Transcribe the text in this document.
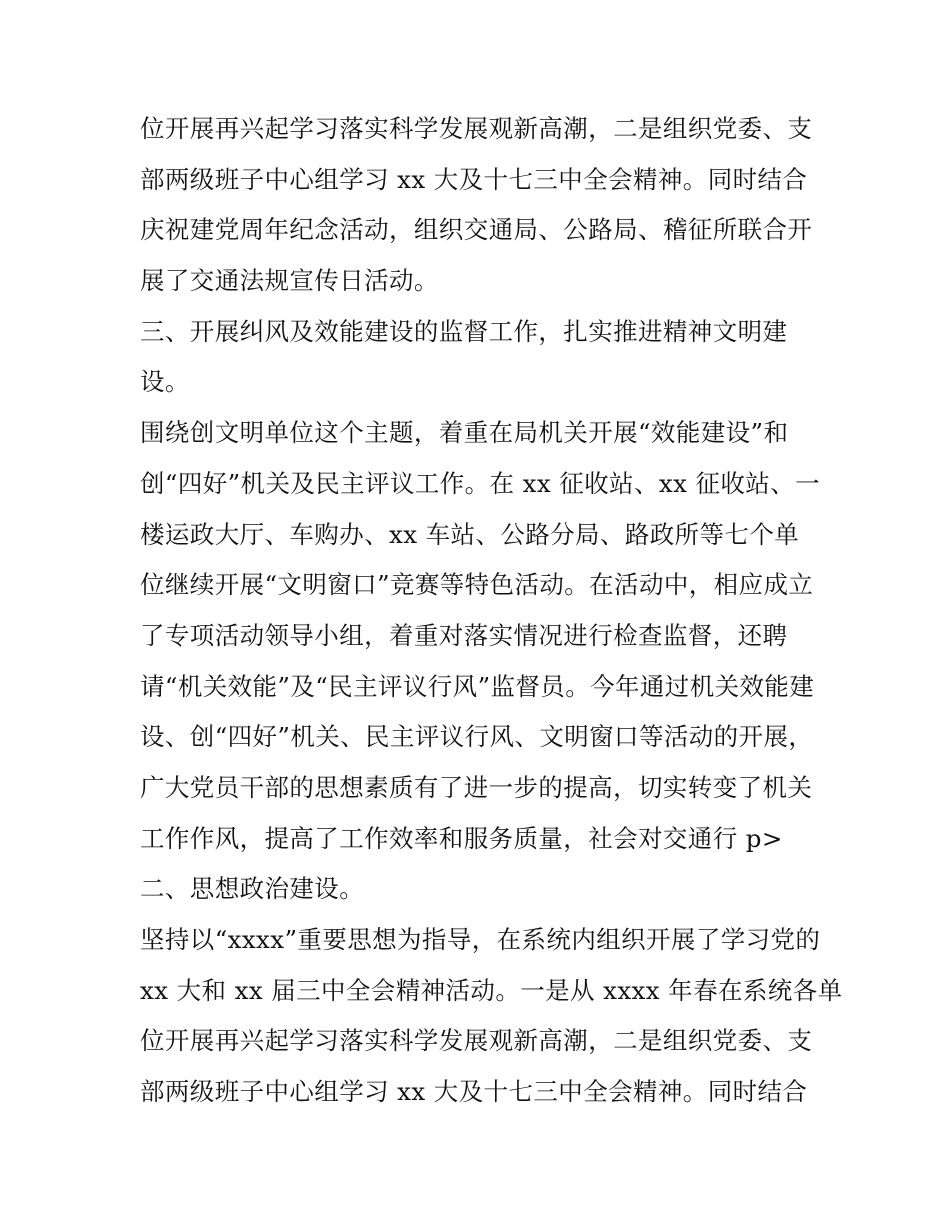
位开展再兴起学习落实科学发展观新高潮，二是组织党委、支
部两级班子中心组学习 xx 大及十七三中全会精神。同时结合
庆祝建党周年纪念活动，组织交通局、公路局、稽征所联合开
展了交通法规宣传日活动。
三、开展纠风及效能建设的监督工作，扎实推进精神文明建
设。
围绕创文明单位这个主题，着重在局机关开展“效能建设”和
创“四好”机关及民主评议工作。在 xx 征收站、xx 征收站、一
楼运政大厅、车购办、xx 车站、公路分局、路政所等七个单
位继续开展“文明窗口”竞赛等特色活动。在活动中，相应成立
了专项活动领导小组，着重对落实情况进行检查监督，还聘
请“机关效能”及“民主评议行风”监督员。今年通过机关效能建
设、创“四好”机关、民主评议行风、文明窗口等活动的开展，
广大党员干部的思想素质有了进一步的提高，切实转变了机关
工作作风，提高了工作效率和服务质量，社会对交通行 p>
二、思想政治建设。
坚持以“xxxx”重要思想为指导，在系统内组织开展了学习党的
xx 大和 xx 届三中全会精神活动。一是从 xxxx 年春在系统各单
位开展再兴起学习落实科学发展观新高潮，二是组织党委、支
部两级班子中心组学习 xx 大及十七三中全会精神。同时结合
